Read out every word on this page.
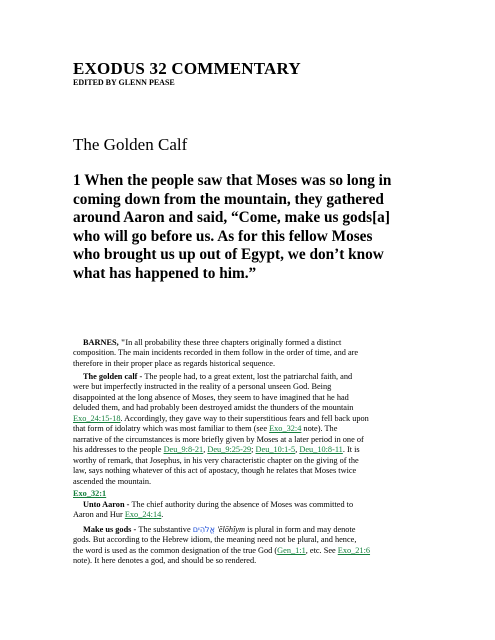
EXODUS 32 COMMENTARY
EDITED BY GLENN PEASE
The Golden Calf
1 When the people saw that Moses was so long in
coming down from the mountain, they gathered
around Aaron and said, “Come, make us gods[a]
who will go before us. As for this fellow Moses
who brought us up out of Egypt, we don’t know
what has happened to him.”
BARNES, "In all probability these three chapters originally formed a distinct
composition. The main incidents recorded in them follow in the order of time, and are
therefore in their proper place as regards historical sequence.
The golden calf - The people had, to a great extent, lost the patriarchal faith, and
were but imperfectly instructed in the reality of a personal unseen God. Being
disappointed at the long absence of Moses, they seem to have imagined that he had
deluded them, and had probably been destroyed amidst the thunders of the mountain
Exo_24:15-18. Accordingly, they gave way to their superstitious fears and fell back upon
that form of idolatry which was most familiar to them (see Exo_32:4 note). The
narrative of the circumstances is more briefly given by Moses at a later period in one of
his addresses to the people Deu_9:8-21, Deu_9:25-29; Deu_10:1-5, Deu_10:8-11. It is
worthy of remark, that Josephus, in his very characteristic chapter on the giving of the
law, says nothing whatever of this act of apostacy, though he relates that Moses twice
ascended the mountain.
Exo_32:1
Unto Aaron - The chief authority during the absence of Moses was committed to
Aaron and Hur Exo_24:14.
Make us gods - The substantive אֱלֹהִים 'ĕlōhîym is plural in form and may denote
gods. But according to the Hebrew idiom, the meaning need not be plural, and hence,
the word is used as the common designation of the true God (Gen_1:1, etc. See Exo_21:6
note). It here denotes a god, and should be so rendered.
